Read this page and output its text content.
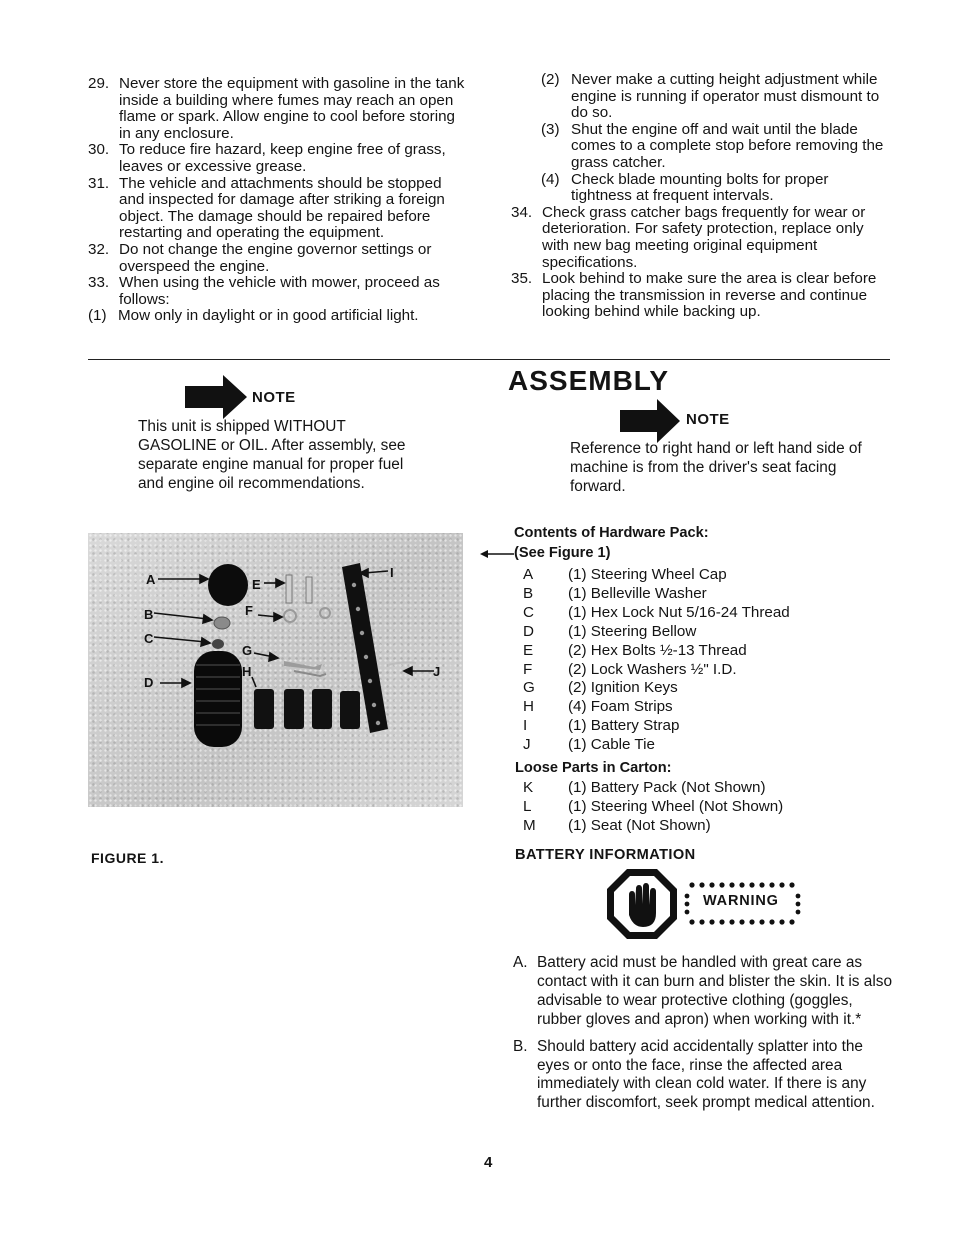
29. Never store the equipment with gasoline in the tank inside a building where fumes may reach an open flame or spark. Allow engine to cool before storing in any enclosure.
30. To reduce fire hazard, keep engine free of grass, leaves or excessive grease.
31. The vehicle and attachments should be stopped and inspected for damage after striking a foreign object. The damage should be repaired before restarting and operating the equipment.
32. Do not change the engine governor settings or overspeed the engine.
33. When using the vehicle with mower, proceed as follows:
(1) Mow only in daylight or in good artificial light.
(2) Never make a cutting height adjustment while engine is running if operator must dismount to do so.
(3) Shut the engine off and wait until the blade comes to a complete stop before removing the grass catcher.
(4) Check blade mounting bolts for proper tightness at frequent intervals.
34. Check grass catcher bags frequently for wear or deterioration. For safety protection, replace only with new bag meeting original equipment specifications.
35. Look behind to make sure the area is clear before placing the transmission in reverse and continue looking behind while backing up.
NOTE
This unit is shipped WITHOUT GASOLINE or OIL. After assembly, see separate engine manual for proper fuel and engine oil recommendations.
ASSEMBLY
NOTE
Reference to right hand or left hand side of machine is from the driver's seat facing forward.
Contents of Hardware Pack:
(See Figure 1)
A (1) Steering Wheel Cap
B (1) Belleville Washer
C (1) Hex Lock Nut 5/16-24 Thread
D (1) Steering Bellow
E (2) Hex Bolts ½-13 Thread
F (2) Lock Washers ½" I.D.
G (2) Ignition Keys
H (4) Foam Strips
I	(1) Battery Strap
J (1) Cable Tie
Loose Parts in Carton:
K (1) Battery Pack (Not Shown)
L (1) Steering Wheel (Not Shown)
M (1) Seat (Not Shown)
A
B
C
D
E
F
G
H
I
J
FIGURE 1.	BATTERY INFORMATION
WARNING
A. Battery acid must be handled with great care as contact with it can burn and blister the skin. It is also advisable to wear protective clothing (goggles, rubber gloves and apron) when working with it.*
B. Should battery acid accidentally splatter into the eyes or onto the face, rinse the affected area immediately with clean cold water. If there is any further discomfort, seek prompt medical attention.
4
